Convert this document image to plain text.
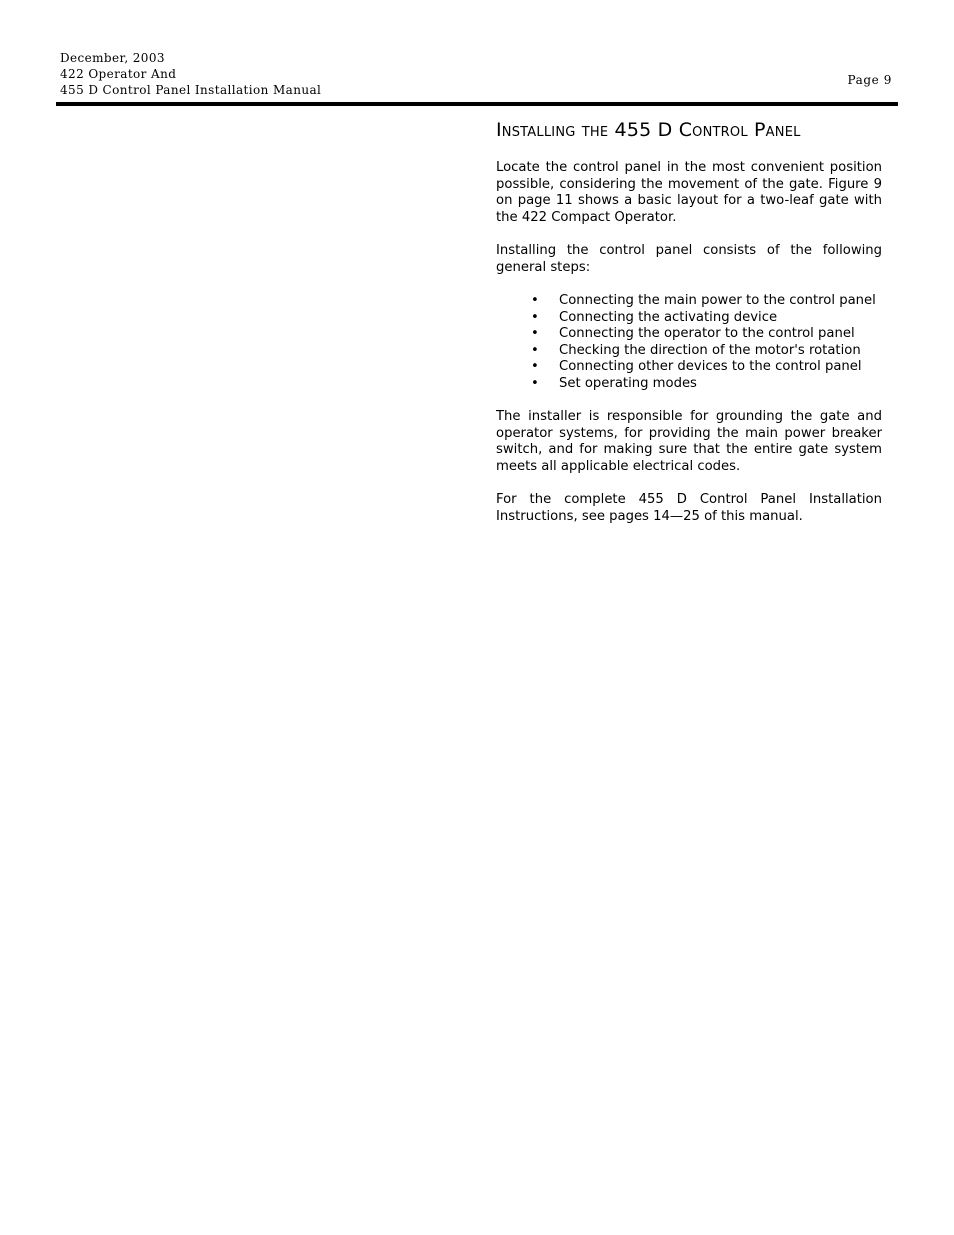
December, 2003
422 Operator And
455 D Control Panel Installation Manual
Page 9
Installing the 455 D Control Panel

Locate the control panel in the most convenient position possible, considering the movement of the gate. Figure 9 on page 11 shows a basic layout for a two-leaf gate with the 422 Compact Operator.

Installing the control panel consists of the following general steps:

• Connecting the main power to the control panel
• Connecting the activating device
• Connecting the operator to the control panel
• Checking the direction of the motor's rotation
• Connecting other devices to the control panel
• Set operating modes

The installer is responsible for grounding the gate and operator systems, for providing the main power breaker switch, and for making sure that the entire gate system meets all applicable electrical codes.

For the complete 455 D Control Panel Installation Instructions, see pages 14—25 of this manual.
